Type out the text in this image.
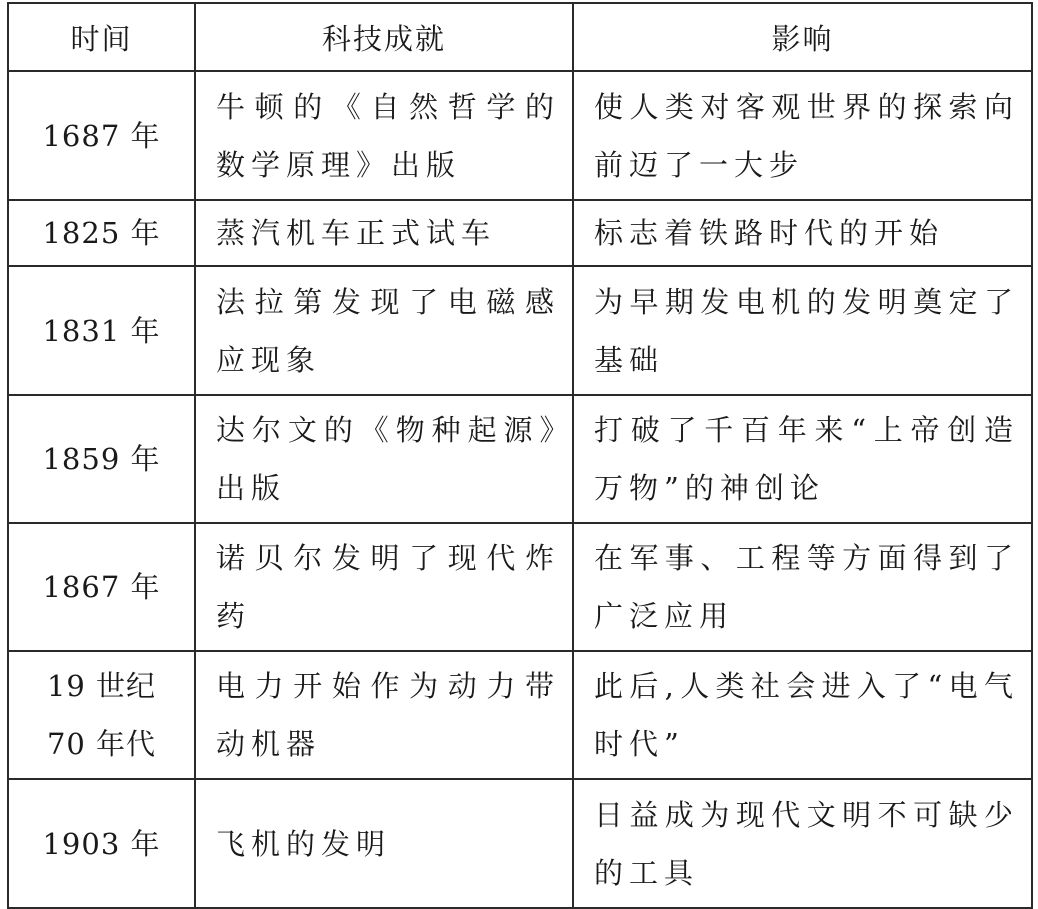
时间	科技成就	影响

1687 年	牛顿的《自然哲学的数学原理》出版	使人类对客观世界的探索向前迈了一大步

1825 年	蒸汽机车正式试车	标志着铁路时代的开始

1831 年	法拉第发现了电磁感应现象	为早期发电机的发明奠定了基础

1859 年	达尔文的《物种起源》出版	打破了千百年来“上帝创造万物”的神创论

1867 年	诺贝尔发明了现代炸药	在军事、工程等方面得到了广泛应用

19 世纪
70 年代	电力开始作为动力带动机器	此后,人类社会进入了“电气时代”

1903 年	飞机的发明	日益成为现代文明不可缺少的工具
